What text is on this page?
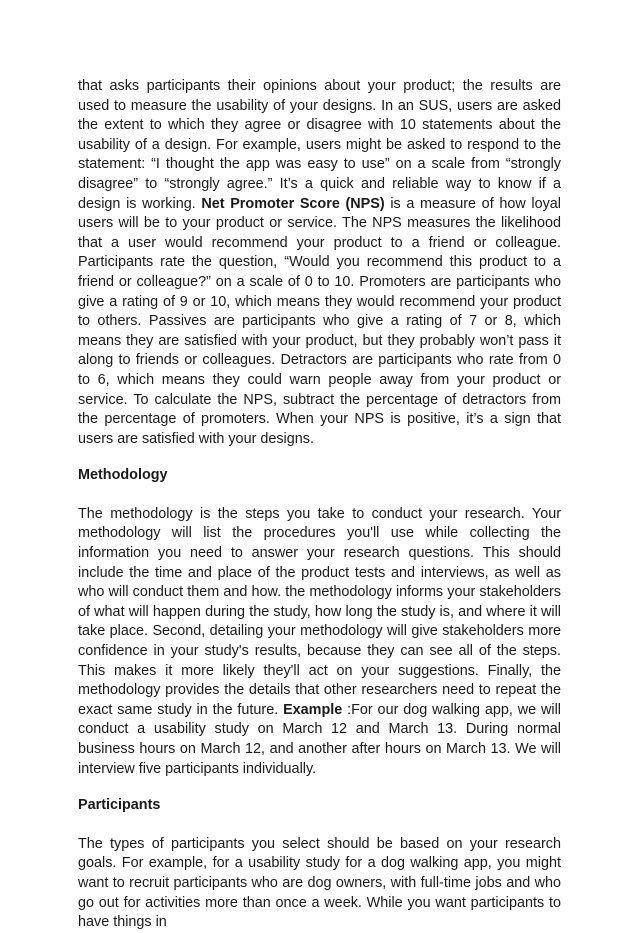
that asks participants their opinions about your product; the results are used to measure the usability of your designs. In an SUS, users are asked the extent to which they agree or disagree with 10 statements about the usability of a design. For example, users might be asked to respond to the statement: “I thought the app was easy to use” on a scale from “strongly disagree” to “strongly agree.” It’s a quick and reliable way to know if a design is working. Net Promoter Score (NPS) is a measure of how loyal users will be to your product or service. The NPS measures the likelihood that a user would recommend your product to a friend or colleague. Participants rate the question, “Would you recommend this product to a friend or colleague?” on a scale of 0 to 10. Promoters are participants who give a rating of 9 or 10, which means they would recommend your product to others. Passives are participants who give a rating of 7 or 8, which means they are satisfied with your product, but they probably won’t pass it along to friends or colleagues. Detractors are participants who rate from 0 to 6, which means they could warn people away from your product or service. To calculate the NPS, subtract the percentage of detractors from the percentage of promoters. When your NPS is positive, it’s a sign that users are satisfied with your designs.

Methodology

The methodology is the steps you take to conduct your research. Your methodology will list the procedures you'll use while collecting the information you need to answer your research questions. This should include the time and place of the product tests and interviews, as well as who will conduct them and how. the methodology informs your stakeholders of what will happen during the study, how long the study is, and where it will take place. Second, detailing your methodology will give stakeholders more confidence in your study's results, because they can see all of the steps. This makes it more likely they'll act on your suggestions. Finally, the methodology provides the details that other researchers need to repeat the exact same study in the future. Example :For our dog walking app, we will conduct a usability study on March 12 and March 13. During normal business hours on March 12, and another after hours on March 13. We will interview five participants individually.

Participants

The types of participants you select should be based on your research goals. For example, for a usability study for a dog walking app, you might want to recruit participants who are dog owners, with full-time jobs and who go out for activities more than once a week. While you want participants to have things in
